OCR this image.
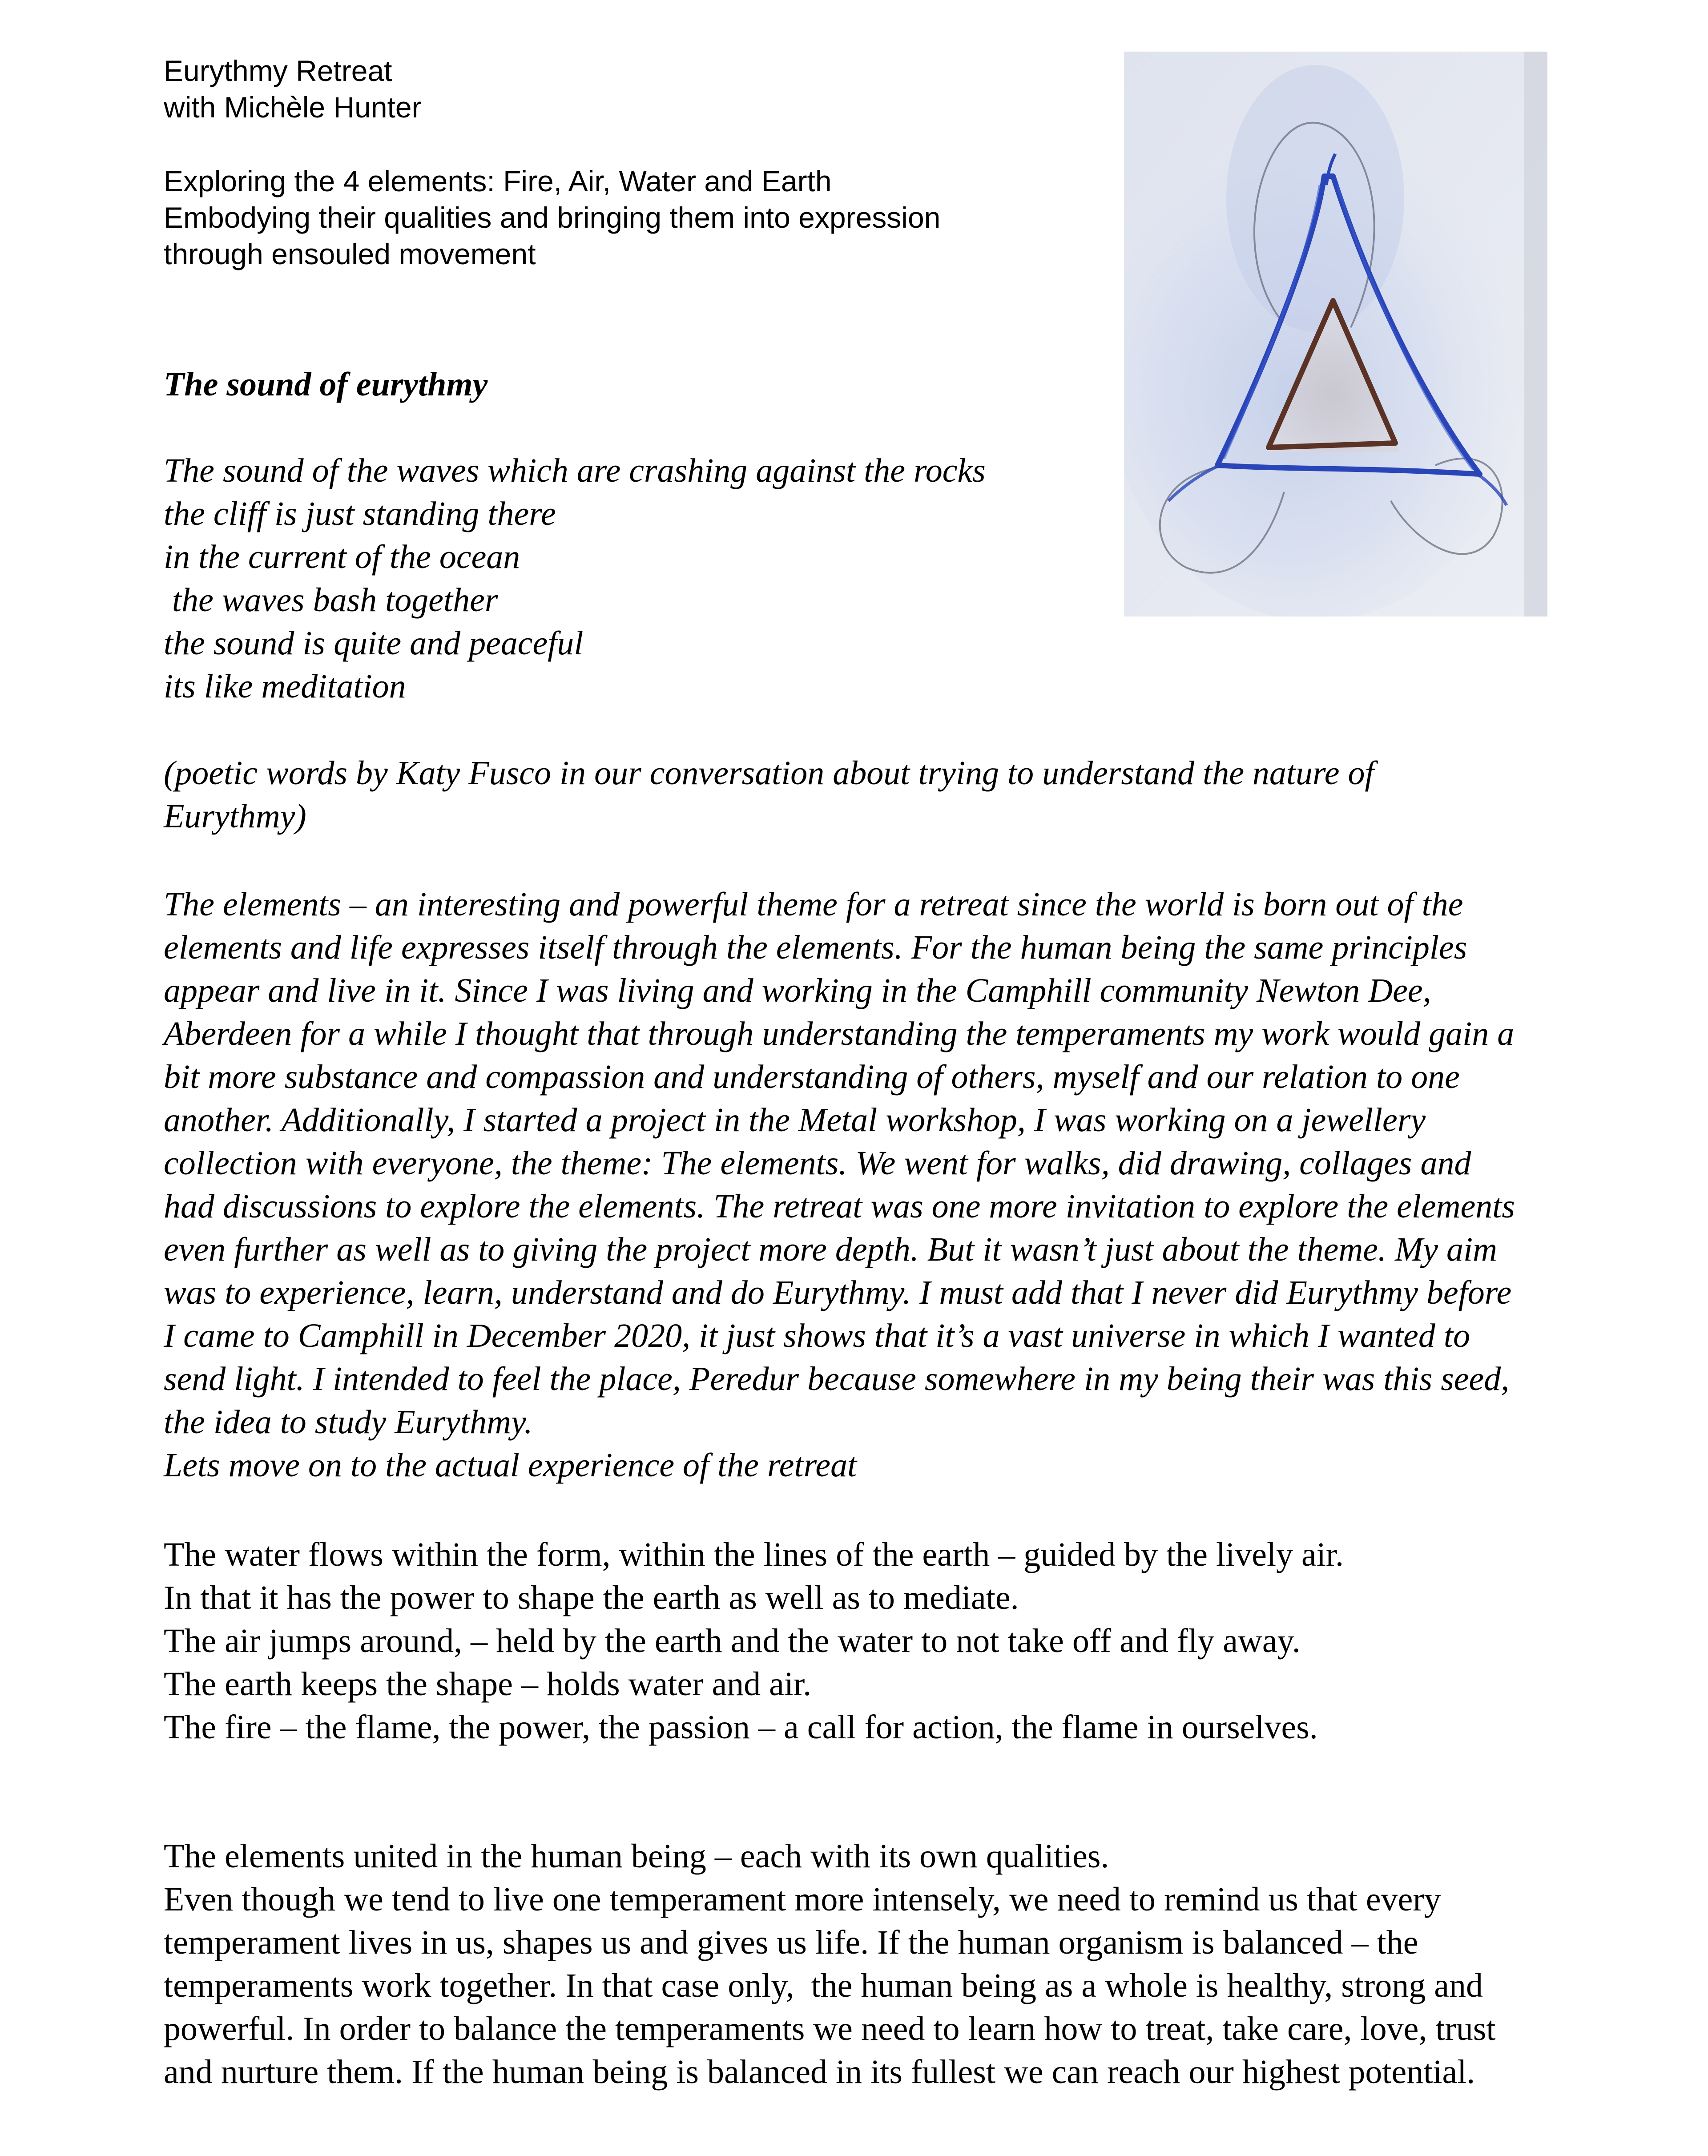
Eurythmy Retreat
with Michèle Hunter
Exploring the 4 elements: Fire, Air, Water and Earth
Embodying their qualities and bringing them into expression
through ensouled movement
The sound of eurythmy
The sound of the waves which are crashing against the rocks
the cliff is just standing there
in the current of the ocean
the waves bash together
the sound is quite and peaceful
its like meditation
(poetic words by Katy Fusco in our conversation about trying to understand the nature of Eurythmy)
The elements – an interesting and powerful theme for a retreat since the world is born out of the
elements and life expresses itself through the elements. For the human being the same principles
appear and live in it. Since I was living and working in the Camphill community Newton Dee,
Aberdeen for a while I thought that through understanding the temperaments my work would gain a
bit more substance and compassion and understanding of others, myself and our relation to one
another. Additionally, I started a project in the Metal workshop, I was working on a jewellery
collection with everyone, the theme: The elements. We went for walks, did drawing, collages and
had discussions to explore the elements. The retreat was one more invitation to explore the elements
even further as well as to giving the project more depth. But it wasn’t just about the theme. My aim
was to experience, learn, understand and do Eurythmy. I must add that I never did Eurythmy before
I came to Camphill in December 2020, it just shows that it’s a vast universe in which I wanted to
send light. I intended to feel the place, Peredur because somewhere in my being their was this seed,
the idea to study Eurythmy.
Lets move on to the actual experience of the retreat
The water flows within the form, within the lines of the earth – guided by the lively air.
In that it has the power to shape the earth as well as to mediate.
The air jumps around, – held by the earth and the water to not take off and fly away.
The earth keeps the shape – holds water and air.
The fire – the flame, the power, the passion – a call for action, the flame in ourselves.
The elements united in the human being – each with its own qualities.
Even though we tend to live one temperament more intensely, we need to remind us that every
temperament lives in us, shapes us and gives us life. If the human organism is balanced – the
temperaments work together. In that case only,  the human being as a whole is healthy, strong and
powerful. In order to balance the temperaments we need to learn how to treat, take care, love, trust
and nurture them. If the human being is balanced in its fullest we can reach our highest potential.
